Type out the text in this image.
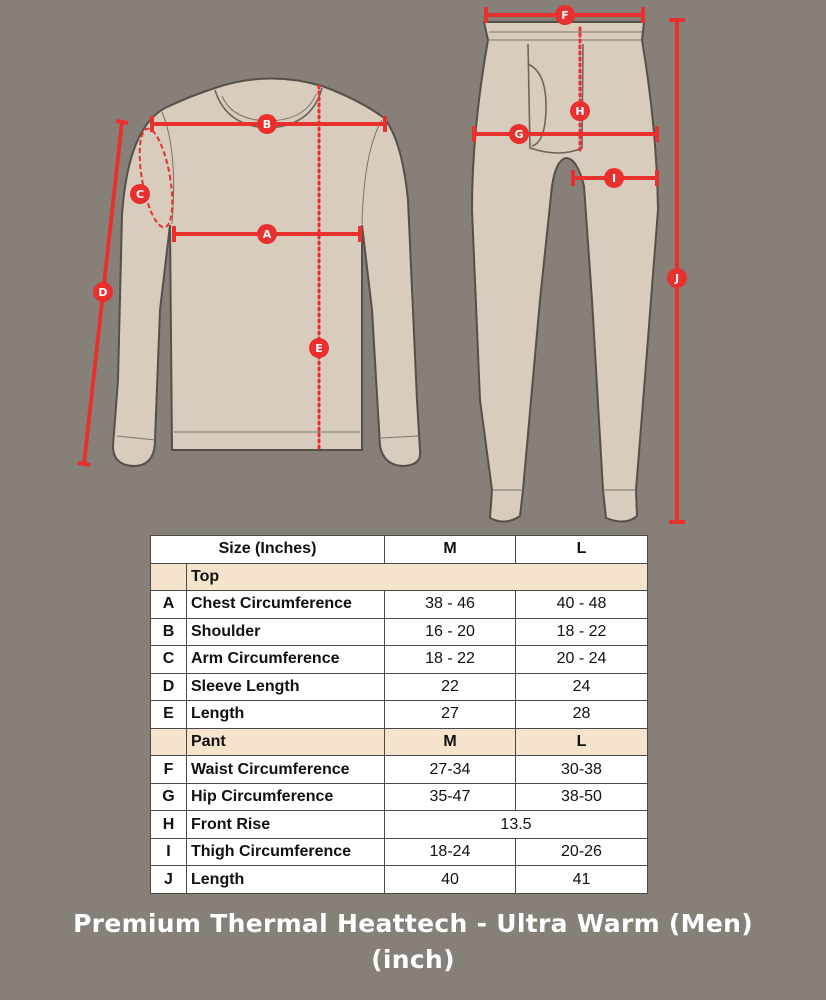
B
A
E
C
D
F
G
H
I
J
Size (Inches)		M	L
	Top		
A	Chest Circumference	38 - 46	40 - 48
B	Shoulder	16 - 20	18 - 22
C	Arm Circumference	18 - 22	20 - 24
D	Sleeve Length	22	24
E	Length	27	28
	Pant	M	L
F	Waist Circumference	27-34	30-38
G	Hip Circumference	35-47	38-50
H	Front Rise	13.5	
I	Thigh Circumference	18-24	20-26
J	Length	40	41
Premium Thermal Heattech - Ultra Warm (Men)
(inch)
